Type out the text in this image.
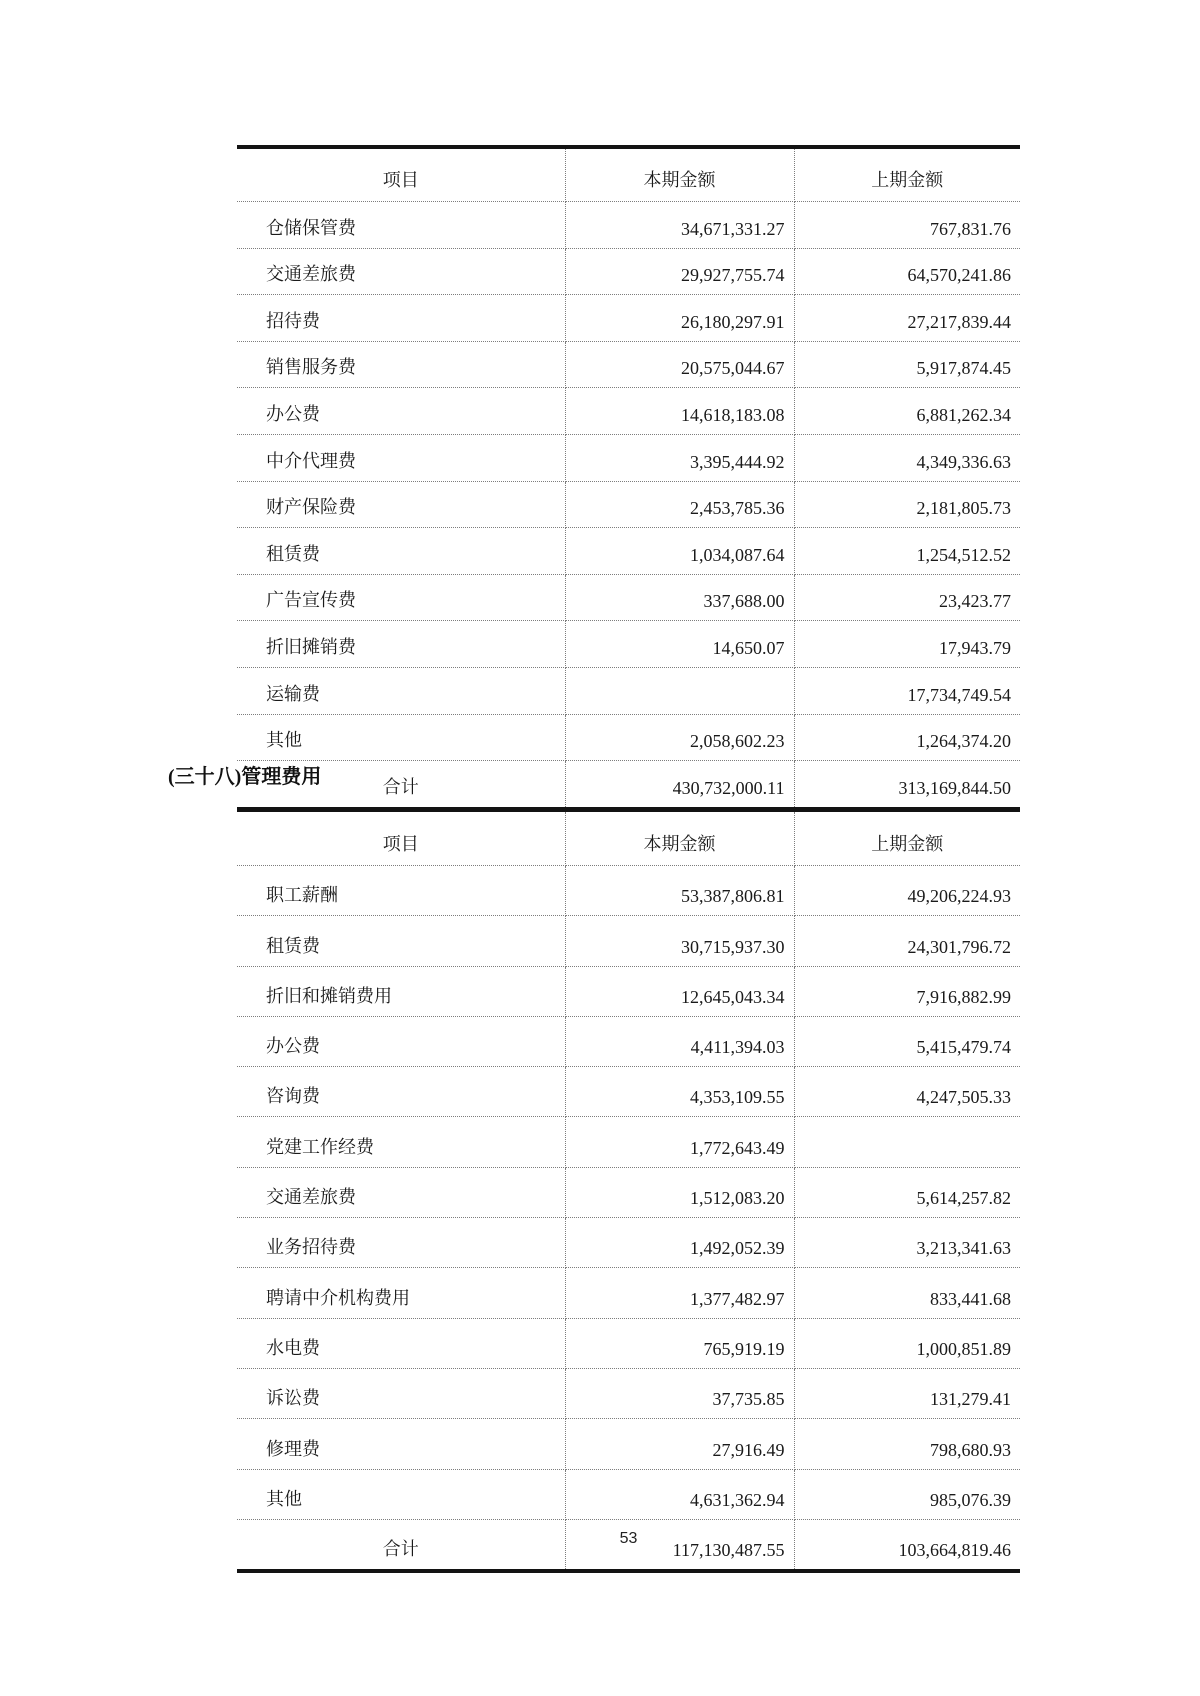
项目	本期金额	上期金额
仓储保管费	34,671,331.27	767,831.76
交通差旅费	29,927,755.74	64,570,241.86
招待费	26,180,297.91	27,217,839.44
销售服务费	20,575,044.67	5,917,874.45
办公费	14,618,183.08	6,881,262.34
中介代理费	3,395,444.92	4,349,336.63
财产保险费	2,453,785.36	2,181,805.73
租赁费	1,034,087.64	1,254,512.52
广告宣传费	337,688.00	23,423.77
折旧摊销费	14,650.07	17,943.79
运输费		17,734,749.54
其他	2,058,602.23	1,264,374.20
合计	430,732,000.11	313,169,844.50
(三十八)管理费用
项目	本期金额	上期金额
职工薪酬	53,387,806.81	49,206,224.93
租赁费	30,715,937.30	24,301,796.72
折旧和摊销费用	12,645,043.34	7,916,882.99
办公费	4,411,394.03	5,415,479.74
咨询费	4,353,109.55	4,247,505.33
党建工作经费	1,772,643.49	
交通差旅费	1,512,083.20	5,614,257.82
业务招待费	1,492,052.39	3,213,341.63
聘请中介机构费用	1,377,482.97	833,441.68
水电费	765,919.19	1,000,851.89
诉讼费	37,735.85	131,279.41
修理费	27,916.49	798,680.93
其他	4,631,362.94	985,076.39
合计	117,130,487.55	103,664,819.46
53
